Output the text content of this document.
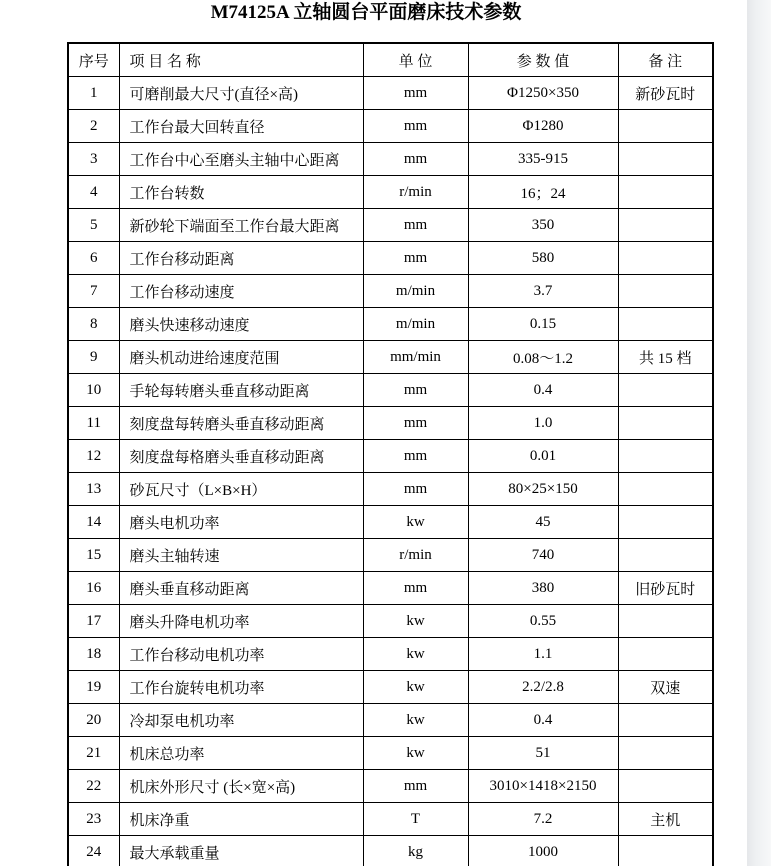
M74125A 立轴圆台平面磨床技术参数
序号	项 目 名 称	单 位	参 数 值	备 注
1	可磨削最大尺寸(直径×高)	mm	Φ1250×350	新砂瓦时
2	工作台最大回转直径	mm	Φ1280	
3	工作台中心至磨头主轴中心距离	mm	335-915	
4	工作台转数	r/min	16；24	
5	新砂轮下端面至工作台最大距离	mm	350	
6	工作台移动距离	mm	580	
7	工作台移动速度	m/min	3.7	
8	磨头快速移动速度	m/min	0.15	
9	磨头机动进给速度范围	mm/min	0.08～1.2	共 15 档
10	手轮每转磨头垂直移动距离	mm	0.4	
11	刻度盘每转磨头垂直移动距离	mm	1.0	
12	刻度盘每格磨头垂直移动距离	mm	0.01	
13	砂瓦尺寸（L×B×H）	mm	80×25×150	
14	磨头电机功率	kw	45	
15	磨头主轴转速	r/min	740	
16	磨头垂直移动距离	mm	380	旧砂瓦时
17	磨头升降电机功率	kw	0.55	
18	工作台移动电机功率	kw	1.1	
19	工作台旋转电机功率	kw	2.2/2.8	双速
20	冷却泵电机功率	kw	0.4	
21	机床总功率	kw	51	
22	机床外形尺寸 (长×宽×高)	mm	3010×1418×2150	
23	机床净重	T	7.2	主机
24	最大承载重量	kg	1000	
